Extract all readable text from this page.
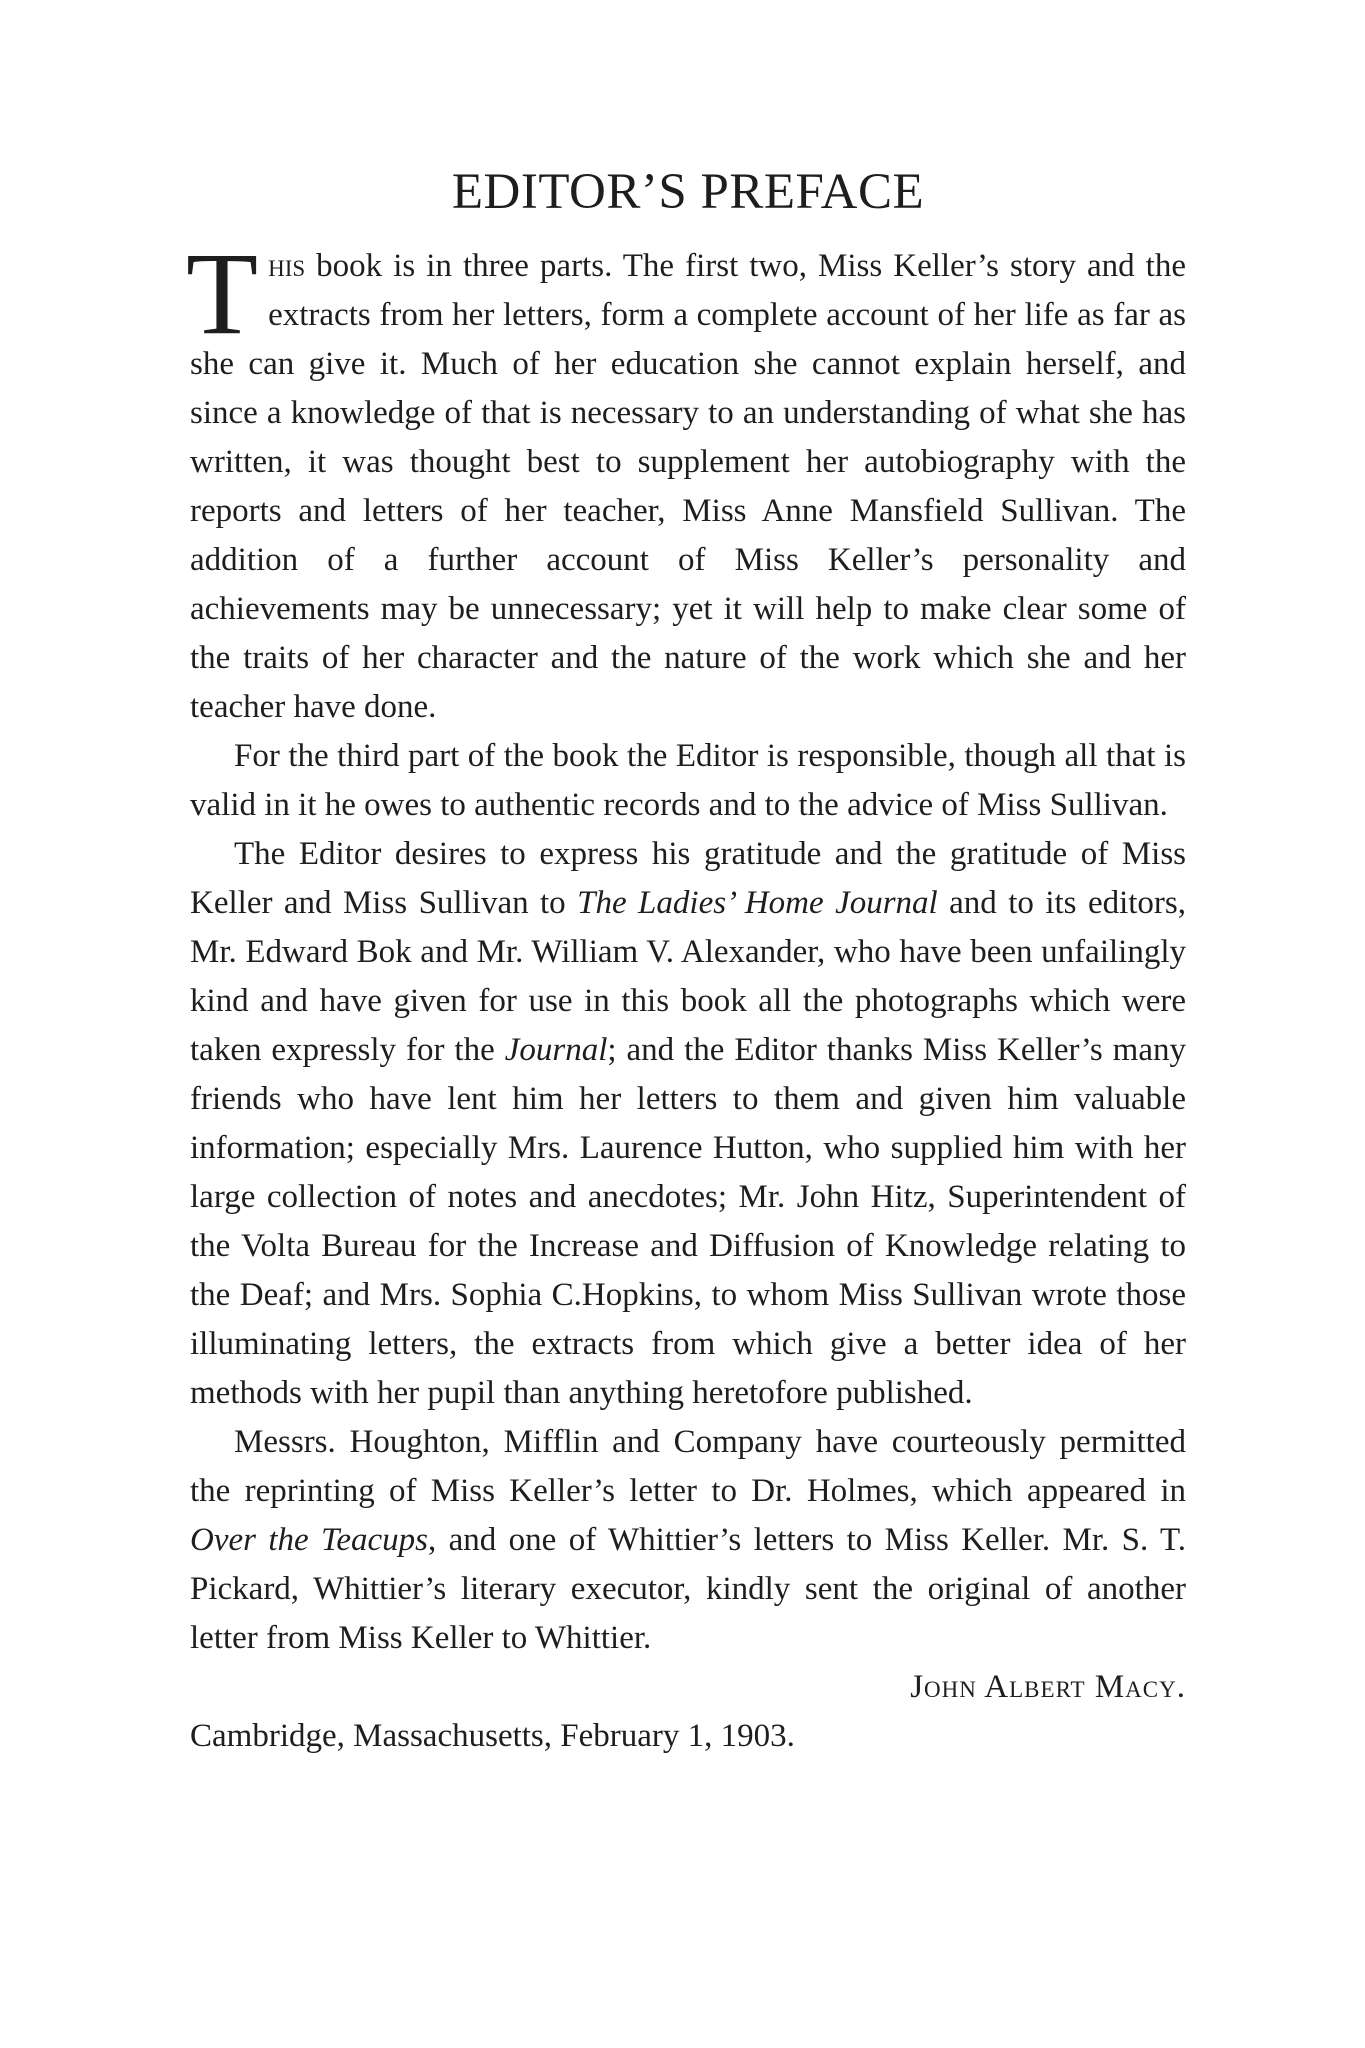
EDITOR’S PREFACE

This book is in three parts. The first two, Miss Keller’s story and the extracts from her letters, form a complete account of her life as far as she can give it. Much of her education she cannot explain herself, and since a knowledge of that is necessary to an understanding of what she has written, it was thought best to supplement her autobiography with the reports and letters of her teacher, Miss Anne Mansfield Sullivan. The addition of a further account of Miss Keller’s personality and achievements may be unnecessary; yet it will help to make clear some of the traits of her character and the nature of the work which she and her teacher have done.

For the third part of the book the Editor is responsible, though all that is valid in it he owes to authentic records and to the advice of Miss Sullivan.

The Editor desires to express his gratitude and the gratitude of Miss Keller and Miss Sullivan to The Ladies’ Home Journal and to its editors, Mr. Edward Bok and Mr. William V. Alexander, who have been unfailingly kind and have given for use in this book all the photographs which were taken expressly for the Journal; and the Editor thanks Miss Keller’s many friends who have lent him her letters to them and given him valuable information; especially Mrs. Laurence Hutton, who supplied him with her large collection of notes and anecdotes; Mr. John Hitz, Superintendent of the Volta Bureau for the Increase and Diffusion of Knowledge relating to the Deaf; and Mrs. Sophia C.Hopkins, to whom Miss Sullivan wrote those illuminating letters, the extracts from which give a better idea of her methods with her pupil than anything heretofore published.

Messrs. Houghton, Mifflin and Company have courteously permitted the reprinting of Miss Keller’s letter to Dr. Holmes, which appeared in Over the Teacups, and one of Whittier’s letters to Miss Keller. Mr. S. T. Pickard, Whittier’s literary executor, kindly sent the original of another letter from Miss Keller to Whittier.

John Albert Macy.

Cambridge, Massachusetts, February 1, 1903.
